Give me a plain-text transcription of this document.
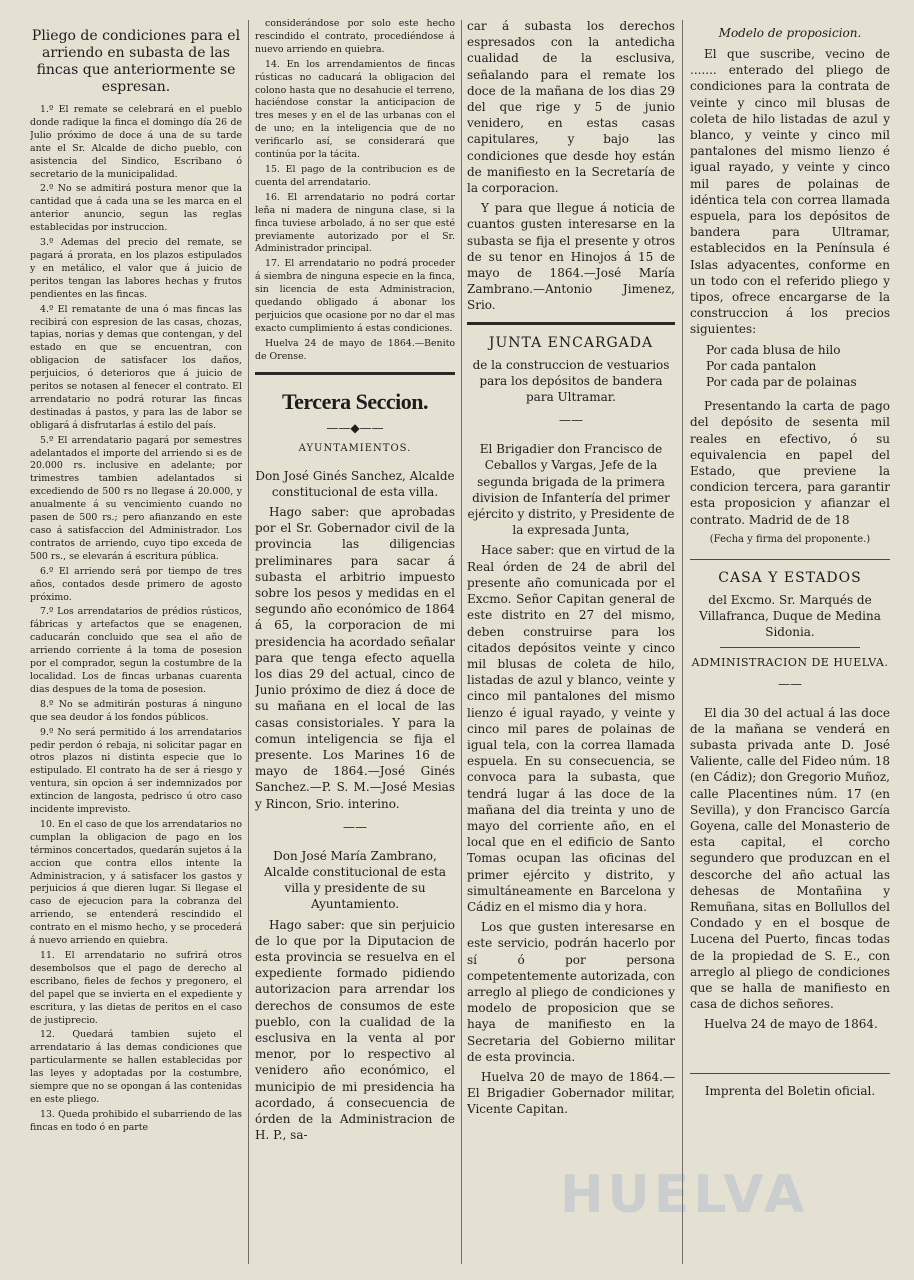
Pliego de condiciones para el arriendo en subasta de las fincas que anteriormente se espresan.

1.º El remate se celebrará en el pueblo donde radique la finca el domingo día 26 de Julio próximo de doce á una de su tarde ante el Sr. Alcalde de dicho pueblo, con asistencia del Sindico, Escribano ó secretario de la municipalidad.

2.º No se admitirá postura menor que la cantidad que á cada una se les marca en el anterior anuncio, segun las reglas establecidas por instruccion.

3.º Ademas del precio del remate, se pagará á prorata, en los plazos estipulados y en metálico, el valor que á juicio de peritos tengan las labores hechas y frutos pendientes en las fincas.

4.º El rematante de una ó mas fincas las recibirá con espresion de las casas, chozas, tapias, norias y demas que contengan, y del estado en que se encuentran, con obligacion de satisfacer los daños, perjuicios, ó deterioros que á juicio de peritos se notasen al fenecer el contrato. El arrendatario no podrá roturar las fincas destinadas á pastos, y para las de labor se obligará á disfrutarlas á estilo del país.

5.º El arrendatario pagará por semestres adelantados el importe del arriendo si es de 20.000 rs. inclusive en adelante; por trimestres tambien adelantados si excediendo de 500 rs no llegase á 20.000, y anualmente á su vencimiento cuando no pasen de 500 rs.; pero afianzando en este caso á satisfaccion del Administrador. Los contratos de arriendo, cuyo tipo exceda de 500 rs., se elevarán á escritura pública.

6.º El arriendo será por tiempo de tres años, contados desde primero de agosto próximo.

7.º Los arrendatarios de prédios rústicos, fábricas y artefactos que se enagenen, caducarán concluido que sea el año de arriendo corriente á la toma de posesion por el comprador, segun la costumbre de la localidad. Los de fincas urbanas cuarenta dias despues de la toma de posesion.

8.º No se admitirán posturas á ninguno que sea deudor á los fondos públicos.

9.º No será permitido á los arrendatarios pedir perdon ó rebaja, ni solicitar pagar en otros plazos ni distinta especie que lo estipulado. El contrato ha de ser á riesgo y ventura, sin opcion á ser indemnizados por extincion de langosta, pedrisco ú otro caso incidente imprevisto.

10. En el caso de que los arrendatarios no cumplan la obligacion de pago en los términos concertados, quedarán sujetos á la accion que contra ellos intente la Administracion, y á satisfacer los gastos y perjuicios á que dieren lugar. Si llegase el caso de ejecucion para la cobranza del arriendo, se entenderá rescindido el contrato en el mismo hecho, y se procederá á nuevo arriendo en quiebra.

11. El arrendatario no sufrirá otros desembolsos que el pago de derecho al escribano, fieles de fechos y pregonero, el del papel que se invierta en el expediente y escritura, y las dietas de peritos en el caso de justiprecio.

12. Quedará tambien sujeto el arrendatario á las demas condiciones que particularmente se hallen establecidas por las leyes y adoptadas por la costumbre, siempre que no se opongan á las contenidas en este pliego.

13. Queda prohibido el subarriendo de las fincas en todo ó en parte

considerándose por solo este hecho rescindido el contrato, procediéndose á nuevo arriendo en quiebra.

14. En los arrendamientos de fincas rústicas no caducará la obligacion del colono hasta que no desahucie el terreno, haciéndose constar la anticipacion de tres meses y en el de las urbanas con el de uno; en la inteligencia que de no verificarlo así, se considerará que continúa por la tácita.

15. El pago de la contribucion es de cuenta del arrendatario.

16. El arrendatario no podrá cortar leña ni madera de ninguna clase, si la finca tuviese arbolado, á no ser que esté previamente autorizado por el Sr. Administrador principal.

17. El arrendatario no podrá proceder á siembra de ninguna especie en la finca, sin licencia de esta Administracion, quedando obligado á abonar los perjuicios que ocasione por no dar el mas exacto cumplimiento á estas condiciones.

Huelva 24 de mayo de 1864.—Benito de Orense.

Tercera Seccion.
——◆——
AYUNTAMIENTOS.

Don José Ginés Sanchez, Alcalde constitucional de esta villa.

Hago saber: que aprobadas por el Sr. Gobernador civil de la provincia las diligencias preliminares para sacar á subasta el arbitrio impuesto sobre los pesos y medidas en el segundo año económico de 1864 á 65, la corporacion de mi presidencia ha acordado señalar para que tenga efecto aquella los dias 29 del actual, cinco de Junio próximo de diez á doce de su mañana en el local de las casas consistoriales. Y para la comun inteligencia se fija el presente. Los Marines 16 de mayo de 1864.—José Ginés Sanchez.—P. S. M.—José Mesias y Rincon, Srio. interino.

——

Don José María Zambrano, Alcalde constitucional de esta villa y presidente de su Ayuntamiento.

Hago saber: que sin perjuicio de lo que por la Diputacion de esta provincia se resuelva en el expediente formado pidiendo autorizacion para arrendar los derechos de consumos de este pueblo, con la cualidad de la esclusiva en la venta al por menor, por lo respectivo al venidero año económico, el municipio de mi presidencia ha acordado, á consecuencia de órden de la Administracion de H. P., sa-

car á subasta los derechos espresados con la antedicha cualidad de la esclusiva, señalando para el remate los doce de la mañana de los dias 29 del que rige y 5 de junio venidero, en estas casas capitulares, y bajo las condiciones que desde hoy están de manifiesto en la Secretaría de la corporacion.

Y para que llegue á noticia de cuantos gusten interesarse en la subasta se fija el presente y otros de su tenor en Hinojos á 15 de mayo de 1864.—José María Zambrano.—Antonio Jimenez, Srio.

JUNTA ENCARGADA

de la construccion de vestuarios para los depósitos de bandera para Ultramar.

——

El Brigadier don Francisco de Ceballos y Vargas, Jefe de la segunda brigada de la primera division de Infantería del primer ejército y distrito, y Presidente de la expresada Junta,

Hace saber: que en virtud de la Real órden de 24 de abril del presente año comunicada por el Excmo. Señor Capitan general de este distrito en 27 del mismo, deben construirse para los citados depósitos veinte y cinco mil blusas de coleta de hilo, listadas de azul y blanco, veinte y cinco mil pantalones del mismo lienzo é igual rayado, y veinte y cinco mil pares de polainas de igual tela, con la correa llamada espuela. En su consecuencia, se convoca para la subasta, que tendrá lugar á las doce de la mañana del dia treinta y uno de mayo del corriente año, en el local que en el edificio de Santo Tomas ocupan las oficinas del primer ejército y distrito, y simultáneamente en Barcelona y Cádiz en el mismo dia y hora.

Los que gusten interesarse en este servicio, podrán hacerlo por sí ó por persona competentemente autorizada, con arreglo al pliego de condiciones y modelo de proposicion que se haya de manifiesto en la Secretaria del Gobierno militar de esta provincia.

Huelva 20 de mayo de 1864.—El Brigadier Gobernador militar, Vicente Capitan.

Modelo de proposicion.

El que suscribe, vecino de ....... enterado del pliego de condiciones para la contrata de veinte y cinco mil blusas de coleta de hilo listadas de azul y blanco, y veinte y cinco mil pantalones del mismo lienzo é igual rayado, y veinte y cinco mil pares de polainas de idéntica tela con correa llamada espuela, para los depósitos de bandera para Ultramar, establecidos en la Península é Islas adyacentes, conforme en un todo con el referido pliego y tipos, ofrece encargarse de la construccion á los precios siguientes:

Por cada blusa de hilo

Por cada pantalon

Por cada par de polainas

Presentando la carta de pago del depósito de sesenta mil reales en efectivo, ó su equivalencia en papel del Estado, que previene la condicion tercera, para garantir esta proposicion y afianzar el contrato. Madrid de de 18

(Fecha y firma del proponente.)
CASA Y ESTADOS

del Excmo. Sr. Marqués de Villafranca, Duque de Medina Sidonia.

ADMINISTRACION DE HUELVA.
——

El dia 30 del actual á las doce de la mañana se venderá en subasta privada ante D. José Valiente, calle del Fideo núm. 18 (en Cádiz); don Gregorio Muñoz, calle Placentines núm. 17 (en Sevilla), y don Francisco García Goyena, calle del Monasterio de esta capital, el corcho segundero que produzcan en el descorche del año actual las dehesas de Montañina y Remuñana, sitas en Bollullos del Condado y en el bosque de Lucena del Puerto, fincas todas de la propiedad de S. E., con arreglo al pliego de condiciones que se halla de manifiesto en casa de dichos señores.

Huelva 24 de mayo de 1864.

Imprenta del Boletin oficial.
HUELVA
